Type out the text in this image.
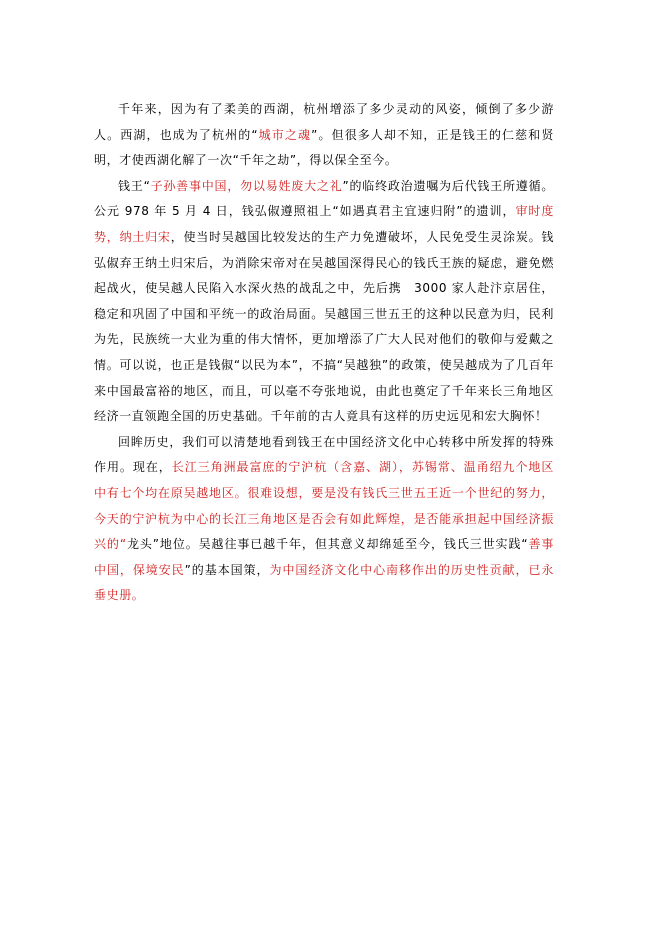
千年来，因为有了柔美的西湖，杭州增添了多少灵动的风姿，倾倒了多少游人。西湖，也成为了杭州的“城市之魂”。但很多人却不知，正是钱王的仁慈和贤明，才使西湖化解了一次“千年之劫”，得以保全至今。

钱王“子孙善事中国，勿以易姓废大之礼”的临终政治遗嘱为后代钱王所遵循。公元 978 年 5 月 4 日，钱弘俶遵照祖上“如遇真君主宜速归附”的遗训，审时度势，纳土归宋，使当时吴越国比较发达的生产力免遭破坏，人民免受生灵涂炭。钱弘俶弃王纳土归宋后，为消除宋帝对在吴越国深得民心的钱氏王族的疑虑，避免燃起战火，使吴越人民陷入水深火热的战乱之中，先后携　3000 家人赴汴京居住，稳定和巩固了中国和平统一的政治局面。吴越国三世五王的这种以民意为归，民利为先，民族统一大业为重的伟大情怀，更加增添了广大人民对他们的敬仰与爱戴之情。可以说，也正是钱俶“以民为本”，不搞“吴越独”的政策，使吴越成为了几百年来中国最富裕的地区，而且，可以毫不夸张地说，由此也奠定了千年来长三角地区经济一直领跑全国的历史基础。千年前的古人竟具有这样的历史远见和宏大胸怀！

回眸历史，我们可以清楚地看到钱王在中国经济文化中心转移中所发挥的特殊作用。现在，长江三角洲最富庶的宁沪杭（含嘉、湖），苏锡常、温甬绍九个地区中有七个均在原吴越地区。很难设想，要是没有钱氏三世五王近一个世纪的努力，今天的宁沪杭为中心的长江三角地区是否会有如此辉煌，是否能承担起中国经济振兴的“龙头”地位。吴越往事已越千年，但其意义却绵延至今，钱氏三世实践“善事中国，保境安民”的基本国策，为中国经济文化中心南移作出的历史性贡献，已永垂史册。
